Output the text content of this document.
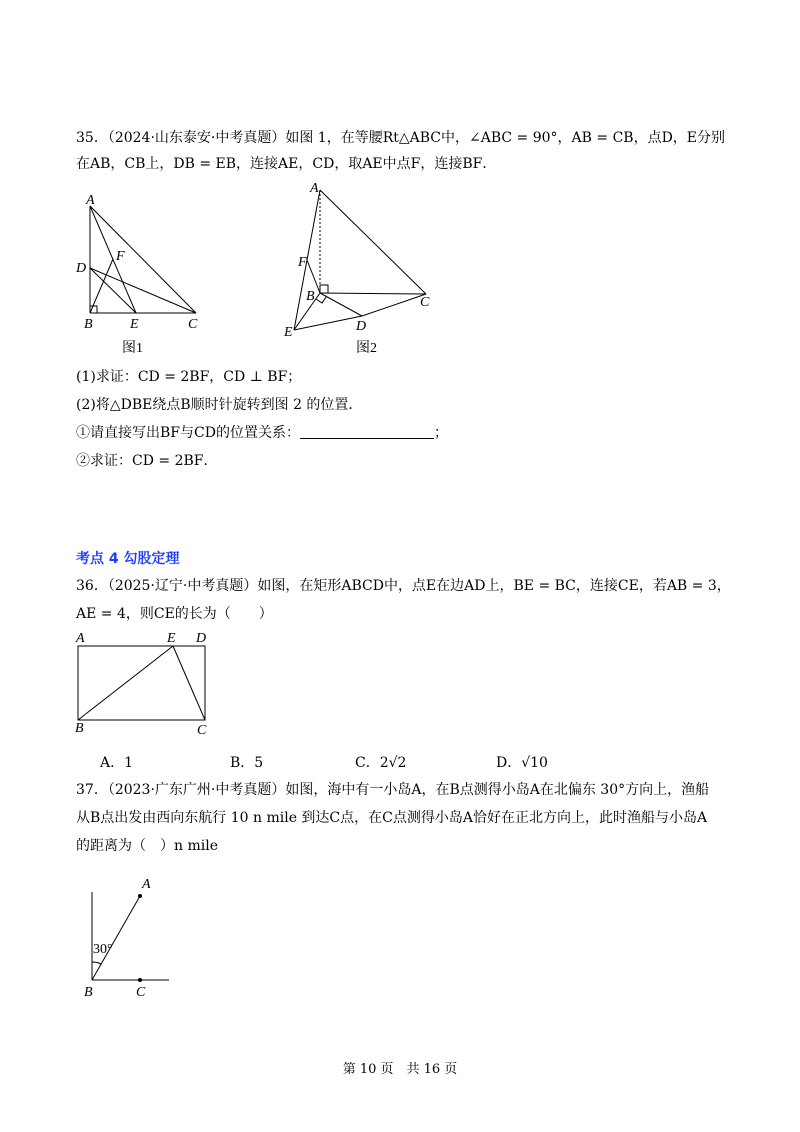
35．（2024·山东泰安·中考真题）如图 1，在等腰Rt△ABC中，∠ABC = 90°，AB = CB，点D，E分别
在AB，CB上，DB = EB，连接AE，CD，取AE中点F，连接BF．
A
D
F
B	E	C
图1
A
F
B	C
D
E
图2
(1)求证：CD = 2BF，CD ⊥ BF；
(2)将△DBE绕点B顺时针旋转到图 2 的位置．
①请直接写出BF与CD的位置关系：	；
②求证：CD = 2BF．
考点 4 勾股定理
36．（2025·辽宁·中考真题）如图，在矩形ABCD中，点E在边AD上，BE = BC，连接CE，若AB = 3，
AE = 4，则CE的长为（　　）
A	E D
B	C
A．1	B．5	C．2√2	D．√10
37．（2023·广东广州·中考真题）如图，海中有一小岛A，在B点测得小岛A在北偏东 30°方向上，渔船
从B点出发由西向东航行 10 n mile 到达C点，在C点测得小岛A恰好在正北方向上，此时渔船与小岛A
的距离为（　）n mile
A
B	C
30°
第 10 页　共 16 页
